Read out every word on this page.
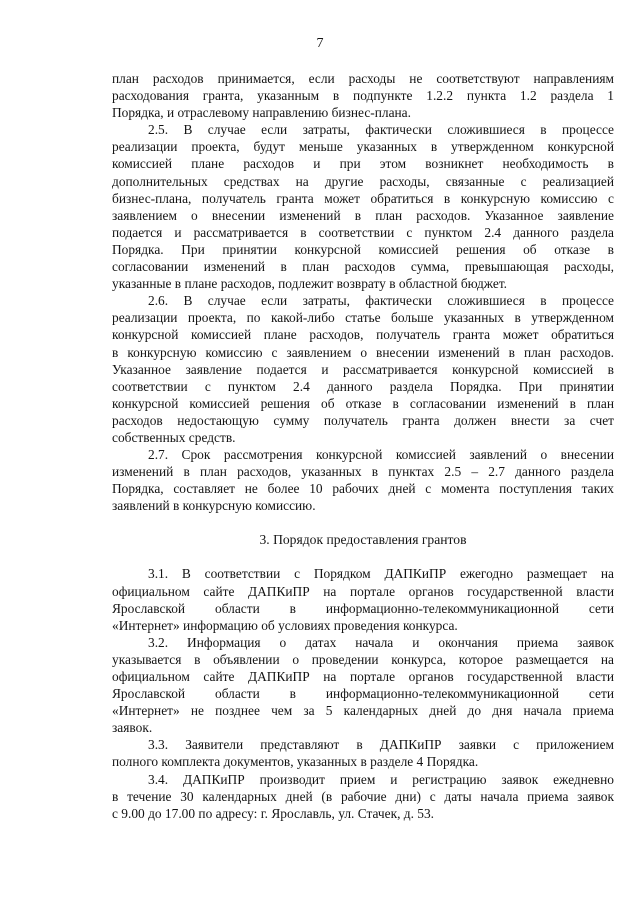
7
план расходов принимается, если расходы не соответствуют направлениям
расходования гранта, указанным в подпункте 1.2.2 пункта 1.2 раздела 1
Порядка, и отраслевому направлению бизнес-плана.
2.5. В случае если затраты, фактически сложившиеся в процессе
реализации проекта, будут меньше указанных в утвержденном конкурсной
комиссией плане расходов и при этом возникнет необходимость в
дополнительных средствах на другие расходы, связанные с реализацией
бизнес-плана, получатель гранта может обратиться в конкурсную комиссию с
заявлением о внесении изменений в план расходов. Указанное заявление
подается и рассматривается в соответствии с пунктом 2.4 данного раздела
Порядка. При принятии конкурсной комиссией решения об отказе в
согласовании изменений в план расходов сумма, превышающая расходы,
указанные в плане расходов, подлежит возврату в областной бюджет.
2.6. В случае если затраты, фактически сложившиеся в процессе
реализации проекта, по какой-либо статье больше указанных в утвержденном
конкурсной комиссией плане расходов, получатель гранта может обратиться
в конкурсную комиссию с заявлением о внесении изменений в план расходов.
Указанное заявление подается и рассматривается конкурсной комиссией в
соответствии с пунктом 2.4 данного раздела Порядка. При принятии
конкурсной комиссией решения об отказе в согласовании изменений в план
расходов недостающую сумму получатель гранта должен внести за счет
собственных средств.
2.7. Срок рассмотрения конкурсной комиссией заявлений о внесении
изменений в план расходов, указанных в пунктах 2.5 – 2.7 данного раздела
Порядка, составляет не более 10 рабочих дней с момента поступления таких
заявлений в конкурсную комиссию.
3. Порядок предоставления грантов
3.1. В соответствии с Порядком ДАПКиПР ежегодно размещает на
официальном сайте ДАПКиПР на портале органов государственной власти
Ярославской области в информационно-телекоммуникационной сети
«Интернет» информацию об условиях проведения конкурса.
3.2. Информация о датах начала и окончания приема заявок
указывается в объявлении о проведении конкурса, которое размещается на
официальном сайте ДАПКиПР на портале органов государственной власти
Ярославской области в информационно-телекоммуникационной сети
«Интернет» не позднее чем за 5 календарных дней до дня начала приема
заявок.
3.3. Заявители представляют в ДАПКиПР заявки с приложением
полного комплекта документов, указанных в разделе 4 Порядка.
3.4. ДАПКиПР производит прием и регистрацию заявок ежедневно
в течение 30 календарных дней (в рабочие дни) с даты начала приема заявок
с 9.00 до 17.00 по адресу: г. Ярославль, ул. Стачек, д. 53.
